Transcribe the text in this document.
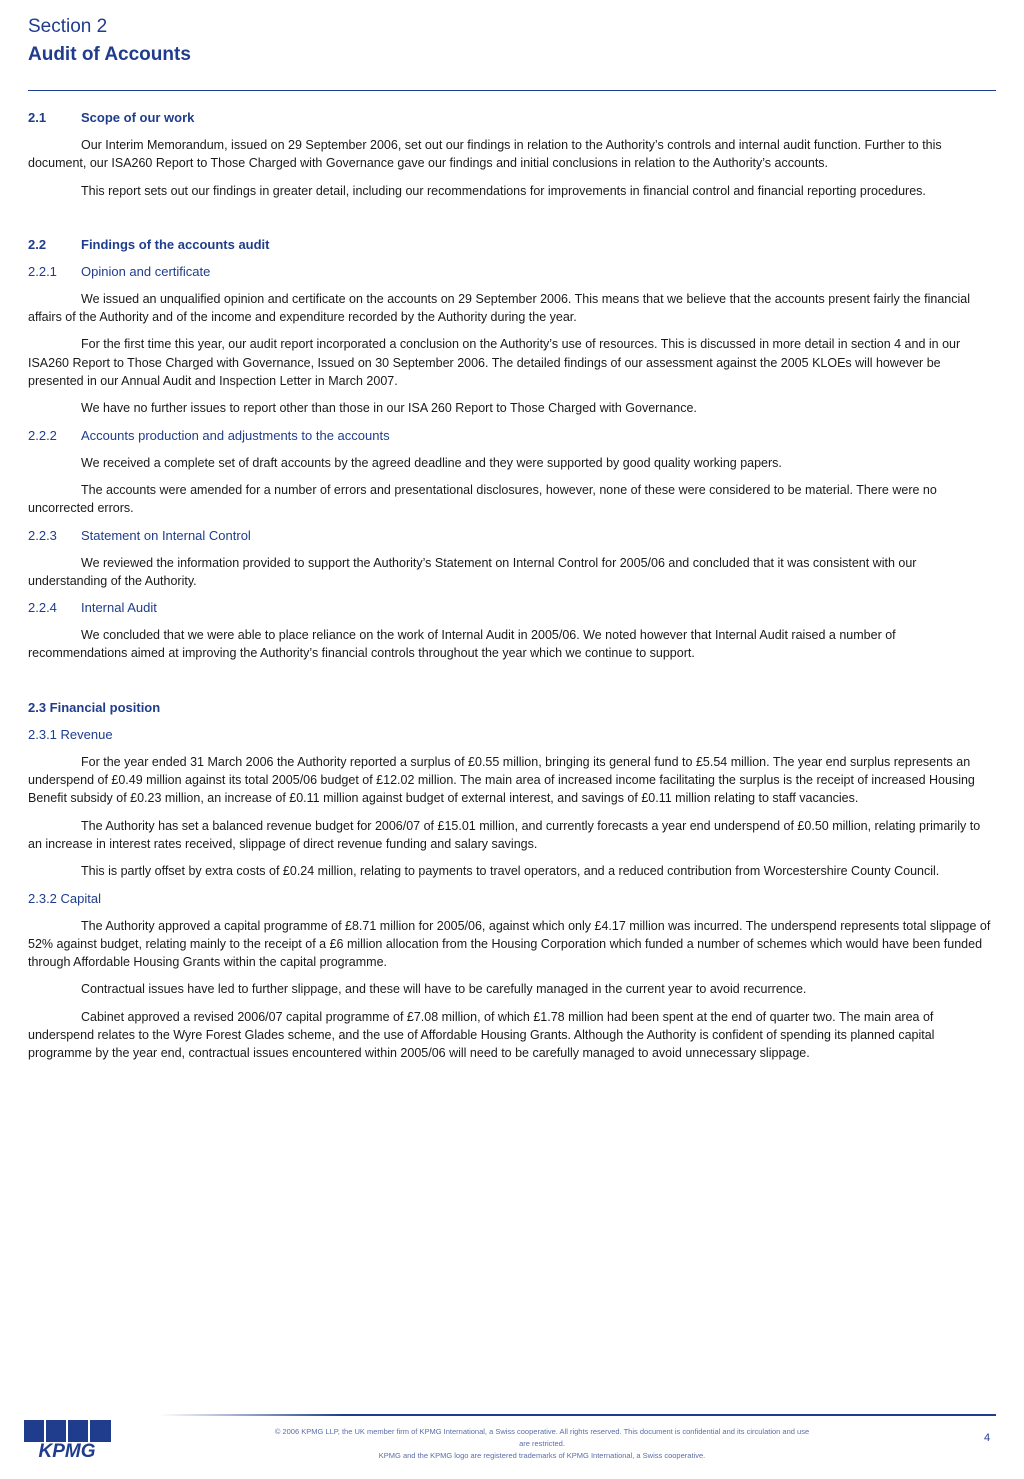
Section 2
Audit of Accounts
2.1	Scope of our work

Our Interim Memorandum, issued on 29 September 2006, set out our findings in relation to the Authority’s controls and internal audit function. Further to this document, our ISA260 Report to Those Charged with Governance gave our findings and initial conclusions in relation to the Authority’s accounts.

This report sets out our findings in greater detail, including our recommendations for improvements in financial control and financial reporting procedures.

2.2	Findings of the accounts audit
2.2.1 Opinion and certificate

We issued an unqualified opinion and certificate on the accounts on 29 September 2006. This means that we believe that the accounts present fairly the financial affairs of the Authority and of the income and expenditure recorded by the Authority during the year.

For the first time this year, our audit report incorporated a conclusion on the Authority’s use of resources. This is discussed in more detail in section 4 and in our ISA260 Report to Those Charged with Governance, Issued on 30 September 2006. The detailed findings of our assessment against the 2005 KLOEs will however be presented in our Annual Audit and Inspection Letter in March 2007.

We have no further issues to report other than those in our ISA 260 Report to Those Charged with Governance.

2.2.2 Accounts production and adjustments to the accounts

We received a complete set of draft accounts by the agreed deadline and they were supported by good quality working papers.

The accounts were amended for a number of errors and presentational disclosures, however, none of these were considered to be material. There were no uncorrected errors.

2.2.3 Statement on Internal Control

We reviewed the information provided to support the Authority’s Statement on Internal Control for 2005/06 and concluded that it was consistent with our understanding of the Authority.

2.2.4 Internal Audit

We concluded that we were able to place reliance on the work of Internal Audit in 2005/06. We noted however that Internal Audit raised a number of recommendations aimed at improving the Authority’s financial controls throughout the year which we continue to support.

2.3 Financial position
2.3.1 Revenue

For the year ended 31 March 2006 the Authority reported a surplus of £0.55 million, bringing its general fund to £5.54 million. The year end surplus represents an underspend of £0.49 million against its total 2005/06 budget of £12.02 million. The main area of increased income facilitating the surplus is the receipt of increased Housing Benefit subsidy of £0.23 million, an increase of £0.11 million against budget of external interest, and savings of £0.11 million relating to staff vacancies.

The Authority has set a balanced revenue budget for 2006/07 of £15.01 million, and currently forecasts a year end underspend of £0.50 million, relating primarily to an increase in interest rates received, slippage of direct revenue funding and salary savings.

This is partly offset by extra costs of £0.24 million, relating to payments to travel operators, and a reduced contribution from Worcestershire County Council.

2.3.2 Capital

The Authority approved a capital programme of £8.71 million for 2005/06, against which only £4.17 million was incurred. The underspend represents total slippage of 52% against budget, relating mainly to the receipt of a £6 million allocation from the Housing Corporation which funded a number of schemes which would have been funded through Affordable Housing Grants within the capital programme.

Contractual issues have led to further slippage, and these will have to be carefully managed in the current year to avoid recurrence.

Cabinet approved a revised 2006/07 capital programme of £7.08 million, of which £1.78 million had been spent at the end of quarter two. The main area of underspend relates to the Wyre Forest Glades scheme, and the use of Affordable Housing Grants. Although the Authority is confident of spending its planned capital programme by the year end, contractual issues encountered within 2005/06 will need to be carefully managed to avoid unnecessary slippage.

KPMG
© 2006 KPMG LLP, the UK member firm of KPMG International, a Swiss cooperative. All rights reserved. This document is confidential and its circulation and use
are restricted.
KPMG and the KPMG logo are registered trademarks of KPMG International, a Swiss cooperative.
4
